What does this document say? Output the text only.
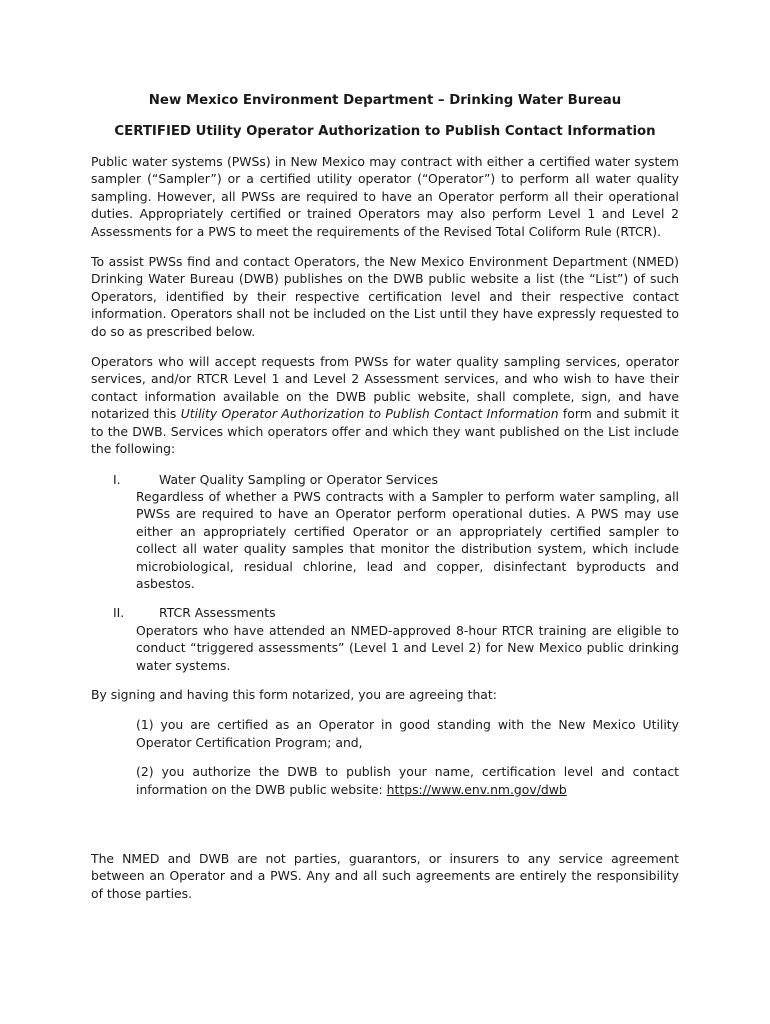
New Mexico Environment Department – Drinking Water Bureau
CERTIFIED Utility Operator Authorization to Publish Contact Information

Public water systems (PWSs) in New Mexico may contract with either a certified water system sampler (“Sampler”) or a certified utility operator (“Operator”) to perform all water quality sampling. However, all PWSs are required to have an Operator perform all their operational duties. Appropriately certified or trained Operators may also perform Level 1 and Level 2 Assessments for a PWS to meet the requirements of the Revised Total Coliform Rule (RTCR).

To assist PWSs find and contact Operators, the New Mexico Environment Department (NMED) Drinking Water Bureau (DWB) publishes on the DWB public website a list (the “List”) of such Operators, identified by their respective certification level and their respective contact information. Operators shall not be included on the List until they have expressly requested to do so as prescribed below.

Operators who will accept requests from PWSs for water quality sampling services, operator services, and/or RTCR Level 1 and Level 2 Assessment services, and who wish to have their contact information available on the DWB public website, shall complete, sign, and have notarized this Utility Operator Authorization to Publish Contact Information form and submit it to the DWB. Services which operators offer and which they want published on the List include the following:

I.	Water Quality Sampling or Operator Services
Regardless of whether a PWS contracts with a Sampler to perform water sampling, all PWSs are required to have an Operator perform operational duties. A PWS may use either an appropriately certified Operator or an appropriately certified sampler to collect all water quality samples that monitor the distribution system, which include microbiological, residual chlorine, lead and copper, disinfectant byproducts and asbestos.
II.	RTCR Assessments
Operators who have attended an NMED-approved 8-hour RTCR training are eligible to conduct “triggered assessments” (Level 1 and Level 2) for New Mexico public drinking water systems.

By signing and having this form notarized, you are agreeing that:

(1) you are certified as an Operator in good standing with the New Mexico Utility Operator Certification Program; and,
(2) you authorize the DWB to publish your name, certification level and contact information on the DWB public website: https://www.env.nm.gov/dwb

The NMED and DWB are not parties, guarantors, or insurers to any service agreement between an Operator and a PWS. Any and all such agreements are entirely the responsibility of those parties.
